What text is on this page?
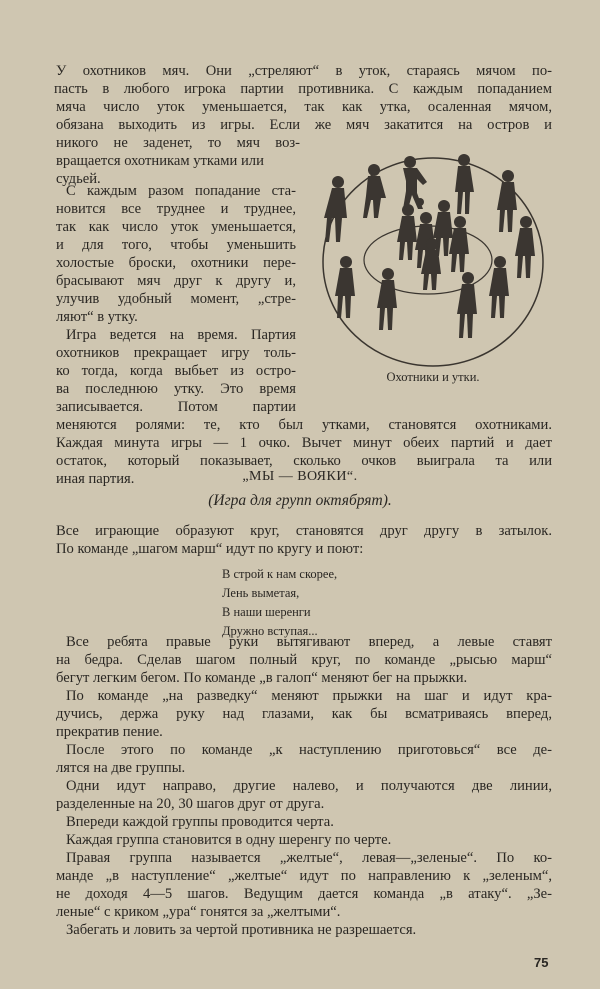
У охотников мяч. Они „стреляют“ в уток, стараясь мячом по-
пасть в любого игрока партии противника. С каждым попаданием
мяча число уток уменьшается, так как утка, осаленная мячом,
обязана выходить из игры. Если же мяч закатится на остров и
никого не заденет, то мяч воз-
вращается охотникам утками или
судьей.
С каждым разом попадание ста-
новится все труднее и труднее,
так как число уток уменьшается,
и для того, чтобы уменьшить
холостые броски, охотники пере-
брасывают мяч друг к другу и,
улучив удобный момент, „стре-
ляют“ в утку.
Игра ведется на время. Партия
охотников прекращает игру толь-
ко тогда, когда выбьет из остро-
ва последнюю утку. Это время
записывается. Потом партии
меняются ролями: те, кто был утками, становятся охотниками.
Каждая минута игры — 1 очко. Вычет минут обеих партий и дает
остаток, который показывает, сколько очков выиграла та или
иная партия.
Охотники и утки.
„МЫ — ВОЯКИ“.
(Игра для групп октябрят).
Все играющие образуют круг, становятся друг другу в затылок.
По команде „шагом марш“ идут по кругу и поют:
В строй к нам скорее,
Лень выметая,
В наши шеренги
Дружно вступая...
Все ребята правые руки вытягивают вперед, а левые ставят
на бедра. Сделав шагом полный круг, по команде „рысью марш“
бегут легким бегом. По команде „в галоп“ меняют бег на прыжки.
По команде „на разведку“ меняют прыжки на шаг и идут кра-
дучись, держа руку над глазами, как бы всматриваясь вперед,
прекратив пение.
После этого по команде „к наступлению приготовься“ все де-
лятся на две группы.
Одни идут направо, другие налево, и получаются две линии,
разделенные на 20, 30 шагов друг от друга.
Впереди каждой группы проводится черта.
Каждая группа становится в одну шеренгу по черте.
Правая группа называется „желтые“, левая—„зеленые“. По ко-
манде „в наступление“ „желтые“ идут по направлению к „зеленым“,
не доходя 4—5 шагов. Ведущим дается команда „в атаку“. „Зе-
леные“ с криком „ура“ гонятся за „желтыми“.
Забегать и ловить за чертой противника не разрешается.
75
